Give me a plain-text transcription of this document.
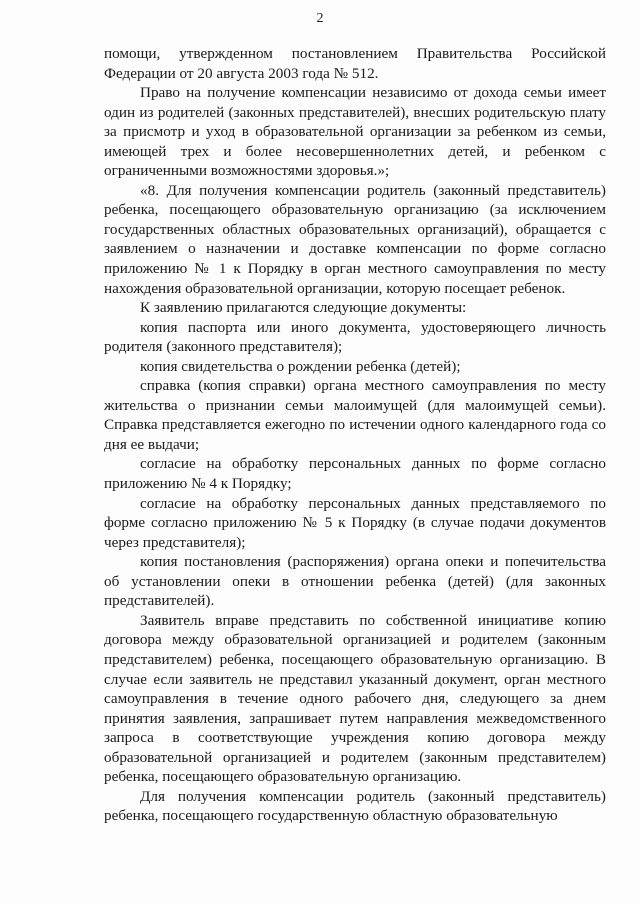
2

помощи, утвержденном постановлением Правительства Российской Федерации от 20 августа 2003 года № 512.

Право на получение компенсации независимо от дохода семьи имеет один из родителей (законных представителей), внесших родительскую плату за присмотр и уход в образовательной организации за ребенком из семьи, имеющей трех и более несовершеннолетних детей, и ребенком с ограниченными возможностями здоровья.»;

«8. Для получения компенсации родитель (законный представитель) ребенка, посещающего образовательную организацию (за исключением государственных областных образовательных организаций), обращается с заявлением о назначении и доставке компенсации по форме согласно приложению № 1 к Порядку в орган местного самоуправления по месту нахождения образовательной организации, которую посещает ребенок.

К заявлению прилагаются следующие документы:

копия паспорта или иного документа, удостоверяющего личность родителя (законного представителя);

копия свидетельства о рождении ребенка (детей);

справка (копия справки) органа местного самоуправления по месту жительства о признании семьи малоимущей (для малоимущей семьи). Справка представляется ежегодно по истечении одного календарного года со дня ее выдачи;

согласие на обработку персональных данных по форме согласно приложению № 4 к Порядку;

согласие на обработку персональных данных представляемого по форме согласно приложению № 5 к Порядку (в случае подачи документов через представителя);

копия постановления (распоряжения) органа опеки и попечительства об установлении опеки в отношении ребенка (детей) (для законных представителей).

Заявитель вправе представить по собственной инициативе копию договора между образовательной организацией и родителем (законным представителем) ребенка, посещающего образовательную организацию. В случае если заявитель не представил указанный документ, орган местного самоуправления в течение одного рабочего дня, следующего за днем принятия заявления, запрашивает путем направления межведомственного запроса в соответствующие учреждения копию договора между образовательной организацией и родителем (законным представителем) ребенка, посещающего образовательную организацию.

Для получения компенсации родитель (законный представитель) ребенка, посещающего государственную областную образовательную
